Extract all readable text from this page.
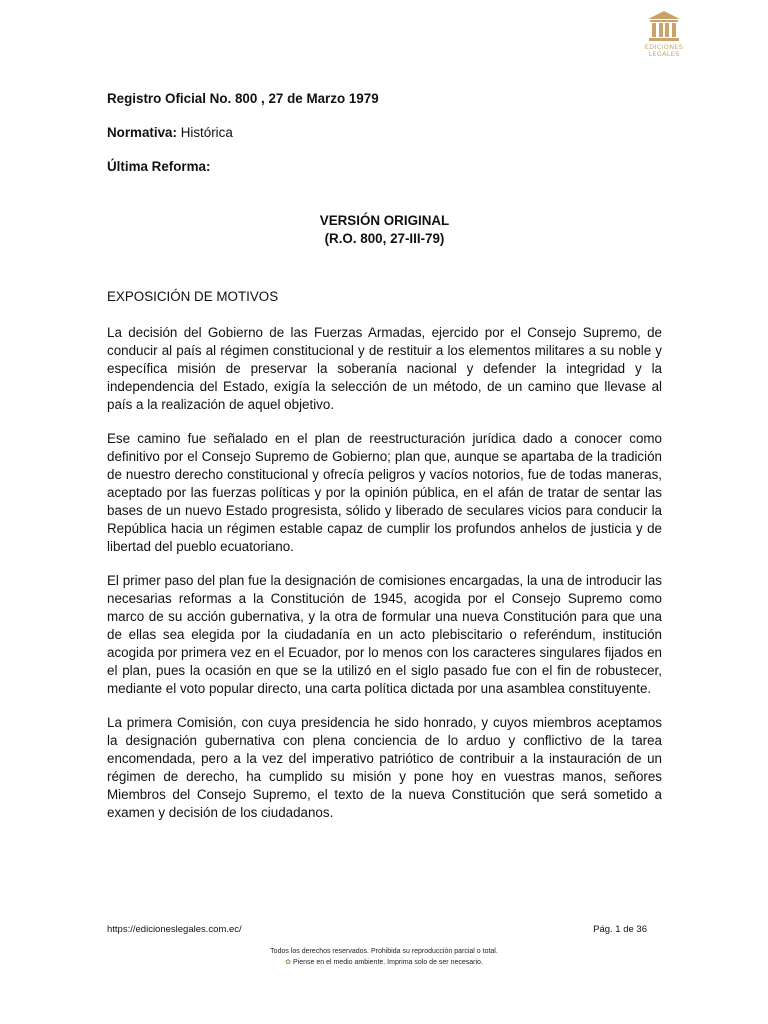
EDICIONES
LEGALES

Registro Oficial No. 800 , 27 de Marzo 1979

Normativa: Histórica

Última Reforma:

VERSIÓN ORIGINAL
(R.O. 800, 27-III-79)
EXPOSICIÓN DE MOTIVOS

La decisión del Gobierno de las Fuerzas Armadas, ejercido por el Consejo Supremo, de conducir al país al régimen constitucional y de restituir a los elementos militares a su noble y específica misión de preservar la soberanía nacional y defender la integridad y la independencia del Estado, exigía la selección de un método, de un camino que llevase al país a la realización de aquel objetivo.

Ese camino fue señalado en el plan de reestructuración jurídica dado a conocer como definitivo por el Consejo Supremo de Gobierno; plan que, aunque se apartaba de la tradición de nuestro derecho constitucional y ofrecía peligros y vacíos notorios, fue de todas maneras, aceptado por las fuerzas políticas y por la opinión pública, en el afán de tratar de sentar las bases de un nuevo Estado progresista, sólido y liberado de seculares vicios para conducir la República hacia un régimen estable capaz de cumplir los profundos anhelos de justicia y de libertad del pueblo ecuatoriano.

El primer paso del plan fue la designación de comisiones encargadas, la una de introducir las necesarias reformas a la Constitución de 1945, acogida por el Consejo Supremo como marco de su acción gubernativa, y la otra de formular una nueva Constitución para que una de ellas sea elegida por la ciudadanía en un acto plebiscitario o referéndum, institución acogida por primera vez en el Ecuador, por lo menos con los caracteres singulares fijados en el plan, pues la ocasión en que se la utilizó en el siglo pasado fue con el fin de robustecer, mediante el voto popular directo, una carta política dictada por una asamblea constituyente.

La primera Comisión, con cuya presidencia he sido honrado, y cuyos miembros aceptamos la designación gubernativa con plena conciencia de lo arduo y conflictivo de la tarea encomendada, pero a la vez del imperativo patriótico de contribuir a la instauración de un régimen de derecho, ha cumplido su misión y pone hoy en vuestras manos, señores Miembros del Consejo Supremo, el texto de la nueva Constitución que será sometido a examen y decisión de los ciudadanos.

https://edicioneslegales.com.ec/	Pág. 1 de 36
Todos los derechos reservados. Prohibida su reproducción parcial o total.
✿ Piense en el medio ambiente. Imprima solo de ser necesario.
